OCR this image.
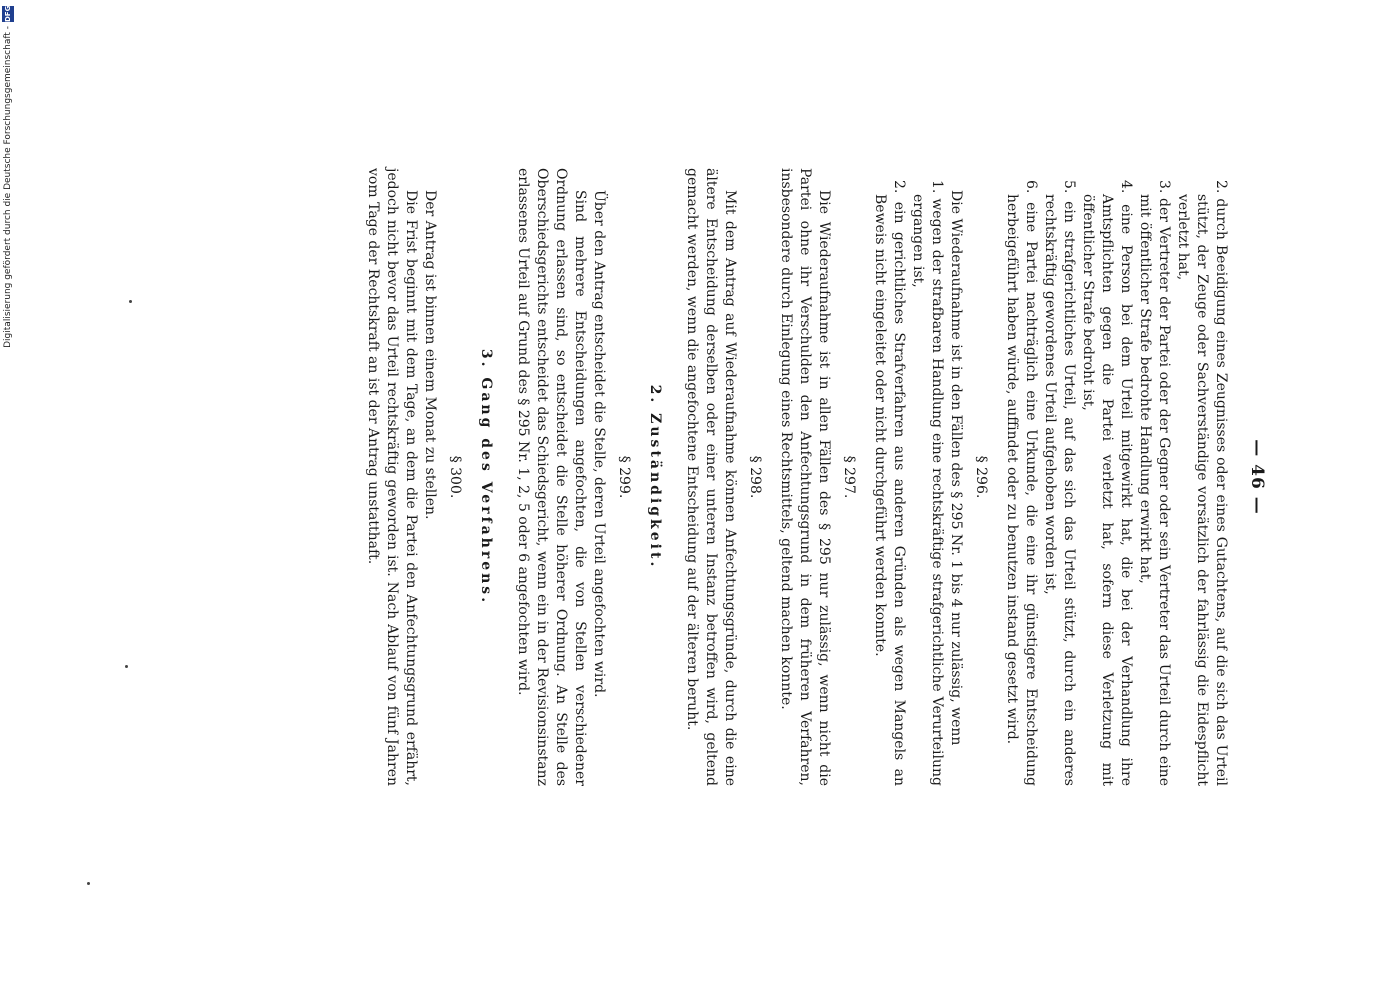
— 46 —

2. durch Beeidigung eines Zeugnisses oder eines Gutachtens, auf die sich das Urteil stützt, der Zeuge oder Sachverständige vorsätzlich der fahrlässig die Eidespflicht verletzt hat,

3. der Vertreter der Partei oder der Gegner oder sein Vertreter das Urteil durch eine mit öffentlicher Strafe bedrohte Handlung erwirkt hat,

4. eine Person bei dem Urteil mitgewirkt hat, die bei der Verhandlung ihre Amtspflichten gegen die Partei verletzt hat, sofern diese Verletzung mit öffentlicher Strafe bedroht ist,

5. ein strafgerichtliches Urteil, auf das sich das Urteil stützt, durch ein anderes rechtskräftig gewordenes Urteil aufgehoben worden ist,

6. eine Partei nachträglich eine Urkunde, die eine ihr günstigere Entscheidung herbeigeführt haben würde, auffindet oder zu benutzen instand gesetzt wird.

§ 296.

Die Wiederaufnahme ist in den Fällen des § 295 Nr. 1 bis 4 nur zulässig, wenn

1. wegen der strafbaren Handlung eine rechtskräftige strafgerichtliche Verurteilung ergangen ist,

2. ein gerichtliches Strafverfahren aus anderen Gründen als wegen Mangels an Beweis nicht eingeleitet oder nicht durchgeführt werden konnte.

§ 297.

Die Wiederaufnahme ist in allen Fällen des § 295 nur zulässig, wenn nicht die Partei ohne ihr Verschulden den Anfechtungsgrund in dem früheren Verfahren, insbesondere durch Einlegung eines Rechtsmittels, geltend machen konnte.

§ 298.

Mit dem Antrag auf Wiederaufnahme können Anfechtungsgründe, durch die eine ältere Entscheidung derselben oder einer unteren Instanz betroffen wird, geltend gemacht werden, wenn die angefochtene Entscheidung auf der älteren beruht.

2. Zuständigkeit.
§ 299.

Über den Antrag entscheidet die Stelle, deren Urteil angefochten wird.

Sind mehrere Entscheidungen angefochten, die von Stellen verschiedener Ordnung erlassen sind, so entscheidet die Stelle höherer Ordnung. An Stelle des Oberschiedsgerichts entscheidet das Schiedsgericht, wenn ein in der Revisionsinstanz erlassenes Urteil auf Grund des § 295 Nr. 1, 2, 5 oder 6 angefochten wird.

3. Gang des Verfahrens.
§ 300.

Der Antrag ist binnen einem Monat zu stellen.

Die Frist beginnt mit dem Tage, an dem die Partei den Anfechtungsgrund erfährt, jedoch nicht bevor das Urteil rechtskräftig geworden ist. Nach Ablauf von fünf Jahren vom Tage der Rechtskraft an ist der Antrag unstatthaft.

Digitalisierung gefördert durch die Deutsche Forschungsgemeinschaft -
DFG
